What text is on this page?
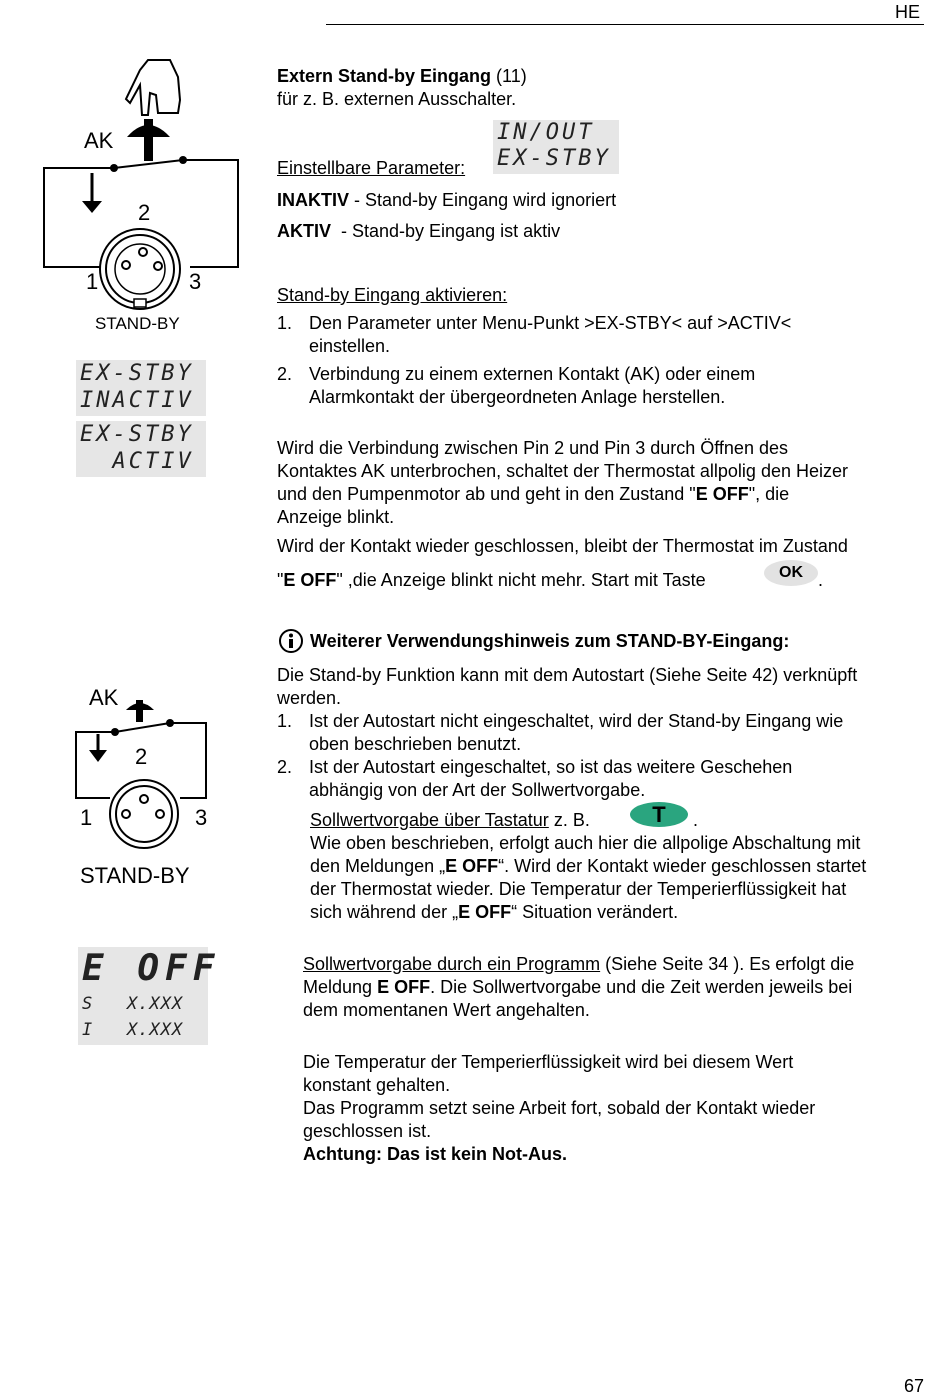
HE
AK
2
1	3
STAND-BY
EX-STBY
INACTIV
EX-STBY
ACTIV
Extern Stand-by Eingang (11)
für z. B. externen Ausschalter.
Einstellbare Parameter:
IN/OUT
EX-STBY
INAKTIV - Stand-by Eingang wird ignoriert
AKTIV  - Stand-by Eingang ist aktiv
Stand-by Eingang aktivieren:
1. Den Parameter unter Menu-Punkt >EX-STBY< auf >ACTIV<
einstellen.
2. Verbindung zu einem externen Kontakt (AK) oder einem
Alarmkontakt der übergeordneten Anlage herstellen.
Wird die Verbindung zwischen Pin 2 und Pin 3 durch Öffnen des
Kontaktes AK unterbrochen, schaltet der Thermostat allpolig den Heizer
und den Pumpenmotor ab und geht in den Zustand "E OFF", die
Anzeige blinkt.
Wird der Kontakt wieder geschlossen, bleibt der Thermostat im Zustand
"E OFF" ,die Anzeige blinkt nicht mehr. Start mit Taste	OK .
Weiterer Verwendungshinweis zum STAND-BY-Eingang:
Die Stand-by Funktion kann mit dem Autostart (Siehe Seite 42) verknüpft
werden.
1. Ist der Autostart nicht eingeschaltet, wird der Stand-by Eingang wie
oben beschrieben benutzt.
2. Ist der Autostart eingeschaltet, so ist das weitere Geschehen
abhängig von der Art der Sollwertvorgabe.
Sollwertvorgabe über Tastatur z. B.	T	.
Wie oben beschrieben, erfolgt auch hier die allpolige Abschaltung mit
den Meldungen „E OFF“. Wird der Kontakt wieder geschlossen startet
der Thermostat wieder. Die Temperatur der Temperierflüssigkeit hat
sich während der „E OFF“ Situation verändert.
Sollwertvorgabe durch ein Programm (Siehe Seite 34 ). Es erfolgt die
Meldung E OFF. Die Sollwertvorgabe und die Zeit werden jeweils bei
dem momentanen Wert angehalten.
Die Temperatur der Temperierflüssigkeit wird bei diesem Wert
konstant gehalten.
Das Programm setzt seine Arbeit fort, sobald der Kontakt wieder
geschlossen ist.
Achtung: Das ist kein Not-Aus.
AK
2
1	3
STAND-BY
E OFF
S   X.XXX
I   X.XXX
67
